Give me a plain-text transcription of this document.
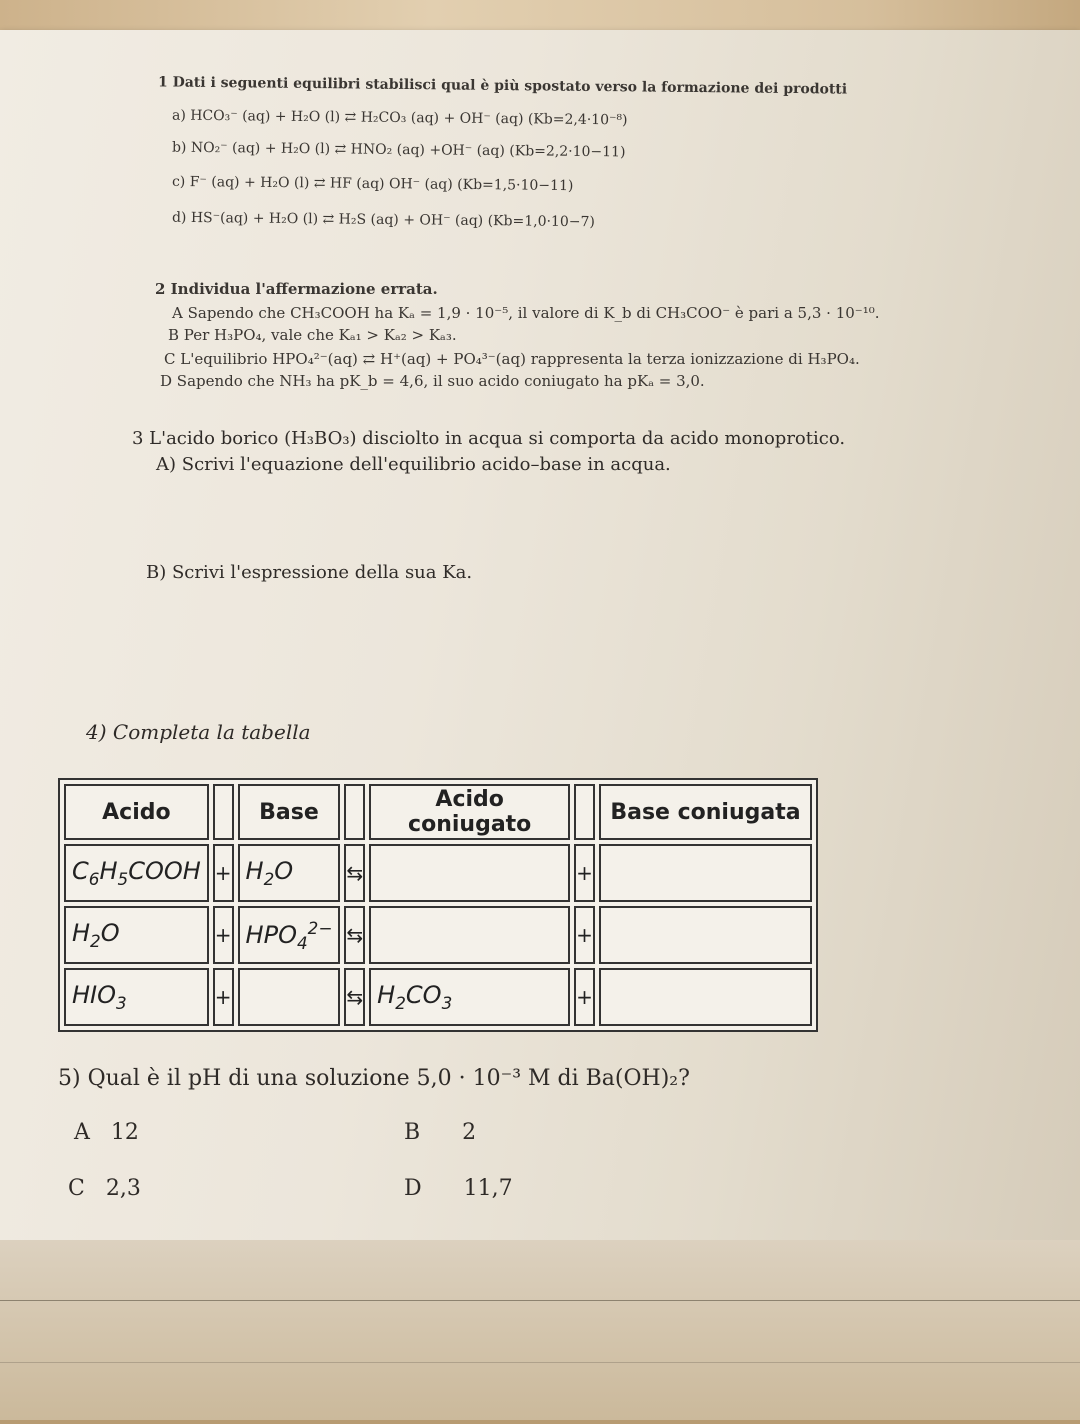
1 Dati i seguenti equilibri stabilisci qual è più spostato verso la formazione dei prodotti
a) HCO₃⁻ (aq) + H₂O (l) ⇄ H₂CO₃ (aq) + OH⁻ (aq) (Kb=2,4·10⁻⁸)
b) NO₂⁻ (aq) + H₂O (l) ⇄ HNO₂ (aq) +OH⁻ (aq) (Kb=2,2·10−11)
c) F⁻ (aq) + H₂O (l) ⇄ HF (aq) OH⁻ (aq) (Kb=1,5·10−11)
d) HS⁻(aq) + H₂O (l) ⇄ H₂S (aq) + OH⁻ (aq) (Kb=1,0·10−7)
2 Individua l'affermazione errata.
A Sapendo che CH₃COOH ha Kₐ = 1,9 · 10⁻⁵, il valore di K_b di CH₃COO⁻ è pari a 5,3 · 10⁻¹⁰.
B Per H₃PO₄, vale che Kₐ₁ > Kₐ₂ > Kₐ₃.
C L'equilibrio HPO₄²⁻(aq) ⇄ H⁺(aq) + PO₄³⁻(aq) rappresenta la terza ionizzazione di H₃PO₄.
D Sapendo che NH₃ ha pK_b = 4,6, il suo acido coniugato ha pKₐ = 3,0.
3 L'acido borico (H₃BO₃) disciolto in acqua si comporta da acido monoprotico.
A) Scrivi l'equazione dell'equilibrio acido–base in acqua.
B) Scrivi l'espressione della sua Ka.
4) Completa la tabella
Acido		Base		Acido coniugato		Base coniugata
$C_6H_5COOH$	+	$H_2O$	⇆		+	
$H_2O$	+	$HPO_4^{2-}$	⇆		+	
$HIO_3$	+		⇆	$H_2CO_3$	+	
5) Qual è il pH di una soluzione 5,0 · 10⁻³ M di Ba(OH)₂?
A 12	B 2
C 2,3	D 11,7
